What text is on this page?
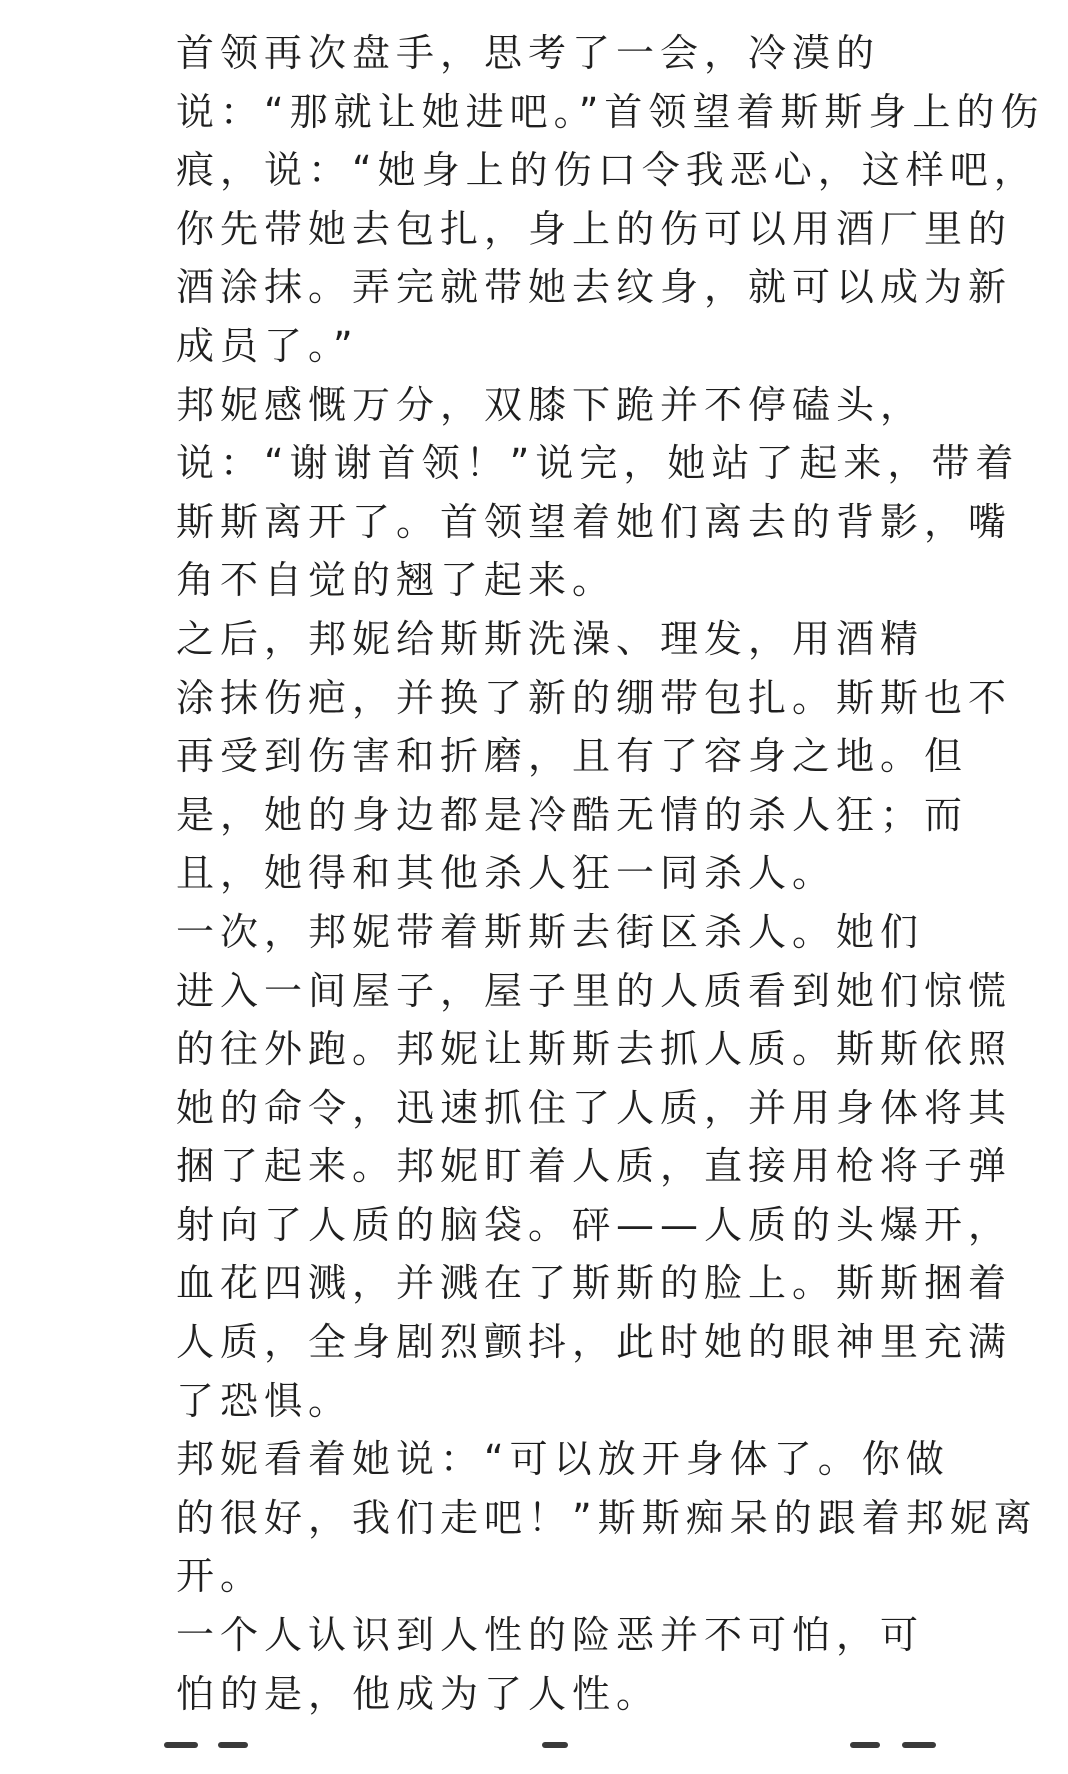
首领再次盘手，思考了一会，冷漠的
说：“那就让她进吧。”首领望着斯斯身上的伤
痕，说：“她身上的伤口令我恶心，这样吧，
你先带她去包扎，身上的伤可以用酒厂里的
酒涂抹。弄完就带她去纹身，就可以成为新
成员了。”

邦妮感慨万分，双膝下跪并不停磕头，
说：“谢谢首领！”说完，她站了起来，带着
斯斯离开了。首领望着她们离去的背影，嘴
角不自觉的翘了起来。

之后，邦妮给斯斯洗澡、理发，用酒精
涂抹伤疤，并换了新的绷带包扎。斯斯也不
再受到伤害和折磨，且有了容身之地。但
是，她的身边都是冷酷无情的杀人狂；而
且，她得和其他杀人狂一同杀人。

一次，邦妮带着斯斯去街区杀人。她们
进入一间屋子，屋子里的人质看到她们惊慌
的往外跑。邦妮让斯斯去抓人质。斯斯依照
她的命令，迅速抓住了人质，并用身体将其
捆了起来。邦妮盯着人质，直接用枪将子弹
射向了人质的脑袋。砰——人质的头爆开，
血花四溅，并溅在了斯斯的脸上。斯斯捆着
人质，全身剧烈颤抖，此时她的眼神里充满
了恐惧。

邦妮看着她说：“可以放开身体了。你做
的很好，我们走吧！”斯斯痴呆的跟着邦妮离
开。

一个人认识到人性的险恶并不可怕，可
怕的是，他成为了人性。
